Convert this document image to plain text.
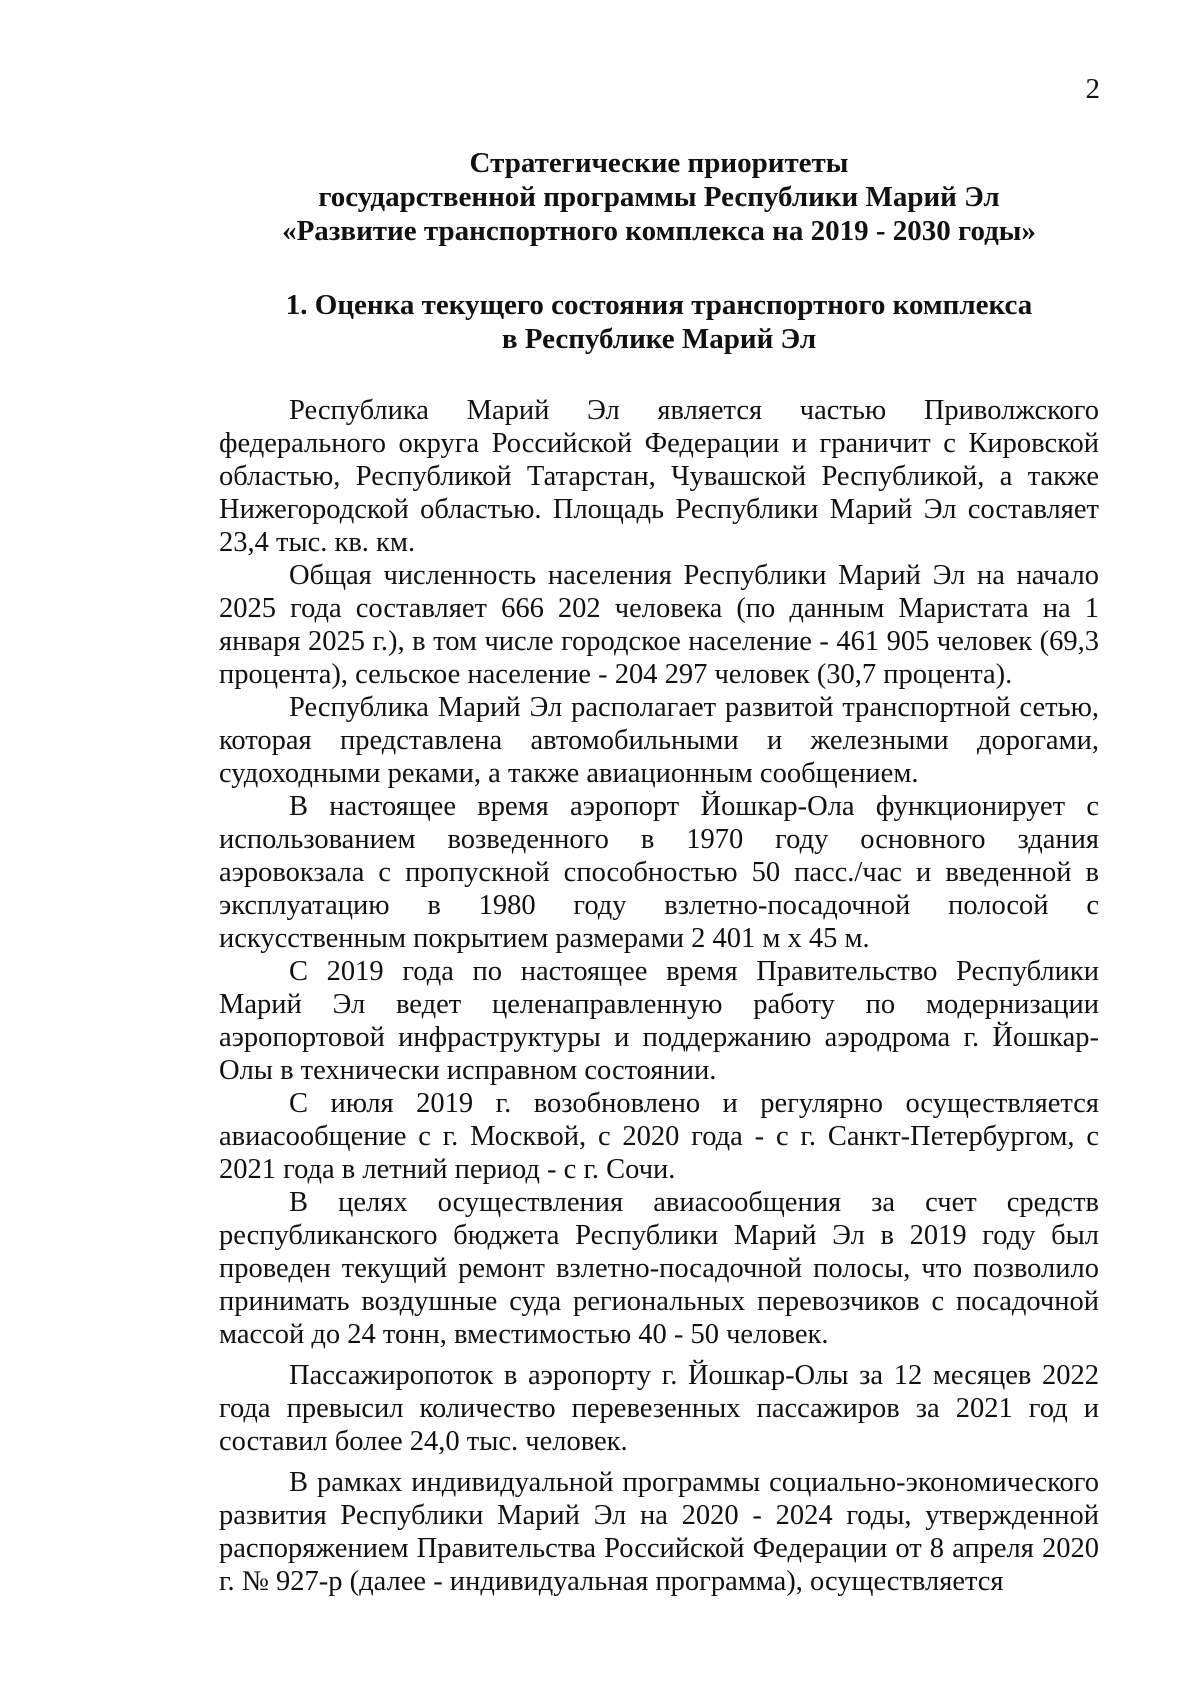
2
Стратегические приоритеты
государственной программы Республики Марий Эл
«Развитие транспортного комплекса на 2019 - 2030 годы»
1. Оценка текущего состояния транспортного комплекса
в Республике Марий Эл

Республика Марий Эл является частью Приволжского федерального округа Российской Федерации и граничит с Кировской областью, Республикой Татарстан, Чувашской Республикой, а также Нижегородской областью. Площадь Республики Марий Эл составляет 23,4 тыс. кв. км.

Общая численность населения Республики Марий Эл на начало 2025 года составляет 666 202 человека (по данным Маристата на 1 января 2025 г.), в том числе городское население - 461 905 человек (69,3 процента), сельское население - 204 297 человек (30,7 процента).

Республика Марий Эл располагает развитой транспортной сетью, которая представлена автомобильными и железными дорогами, судоходными реками, а также авиационным сообщением.

В настоящее время аэропорт Йошкар-Ола функционирует с использованием возведенного в 1970 году основного здания аэровокзала с пропускной способностью 50 пасс./час и введенной в эксплуатацию в 1980 году взлетно-посадочной полосой с искусственным покрытием размерами 2 401 м х 45 м.

С 2019 года по настоящее время Правительство Республики Марий Эл ведет целенаправленную работу по модернизации аэропортовой инфраструктуры и поддержанию аэродрома г. Йошкар-Олы в технически исправном состоянии.

С июля 2019 г. возобновлено и регулярно осуществляется авиасообщение с г. Москвой, с 2020 года - с г. Санкт-Петербургом, с 2021 года в летний период - с г. Сочи.

В целях осуществления авиасообщения за счет средств республиканского бюджета Республики Марий Эл в 2019 году был проведен текущий ремонт взлетно-посадочной полосы, что позволило принимать воздушные суда региональных перевозчиков с посадочной массой до 24 тонн, вместимостью 40 - 50 человек.

Пассажиропоток в аэропорту г. Йошкар-Олы за 12 месяцев 2022 года превысил количество перевезенных пассажиров за 2021 год и составил более 24,0 тыс. человек.

В рамках индивидуальной программы социально-экономического развития Республики Марий Эл на 2020 - 2024 годы, утвержденной распоряжением Правительства Российской Федерации от 8 апреля 2020 г. № 927-р (далее - индивидуальная программа), осуществляется
